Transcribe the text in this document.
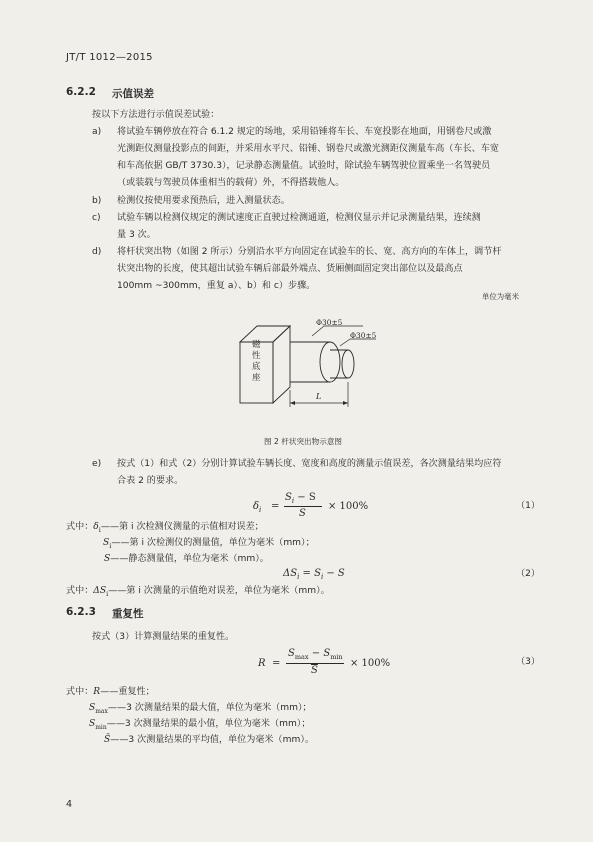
JT/T 1012—2015
6.2.2 示值误差
按以下方法进行示值误差试验：
a) 将试验车辆停放在符合 6.1.2 规定的场地，采用铅锤将车长、车宽投影在地面，用钢卷尺或激
光测距仪测量投影点的间距，并采用水平尺、铅锤、钢卷尺或激光测距仪测量车高（车长、车宽
和车高依据 GB/T 3730.3），记录静态测量值。试验时，除试验车辆驾驶位置乘坐一名驾驶员
（或装载与驾驶员体重相当的载荷）外，不得搭载他人。
b) 检测仪按使用要求预热后，进入测量状态。
c) 试验车辆以检测仪规定的测试速度正直驶过检测通道，检测仪显示并记录测量结果，连续测
量 3 次。
d) 将杆状突出物（如图 2 所示）分别沿水平方向固定在试验车的长、宽、高方向的车体上，调节杆
状突出物的长度，使其超出试验车辆后部最外端点、货厢侧面固定突出部位以及最高点
100mm ~300mm，重复 a）、b）和 c）步骤。
单位为毫米
Φ30±5
Φ30±5
磁性底座
L
图 2 杆状突出物示意图
e) 按式（1）和式（2）分别计算试验车辆长度、宽度和高度的测量示值误差，各次测量结果均应符
合表 2 的要求。
$\delta_i$ =
$S_i - S$
S
× 100%	（1）
式中：$\delta_i——$第 i 次检测仪测量的示值相对误差；
$S_i——$第 i 次检测仪的测量值，单位为毫米（mm）；
S——静态测量值，单位为毫米（mm）。
$\Delta S_i = S_i - S$	（2）
式中：$\Delta S_i——$第 i 次测量的示值绝对误差，单位为毫米（mm）。
6.2.3 重复性
按式（3）计算测量结果的重复性。
R =
$S_{max} - S_{min}$
$\overline{S}$
× 100%	（3）
式中：R——重复性；
$S_{max}——3$ 次测量结果的最大值，单位为毫米（mm）；
$S_{min}——3$ 次测量结果的最小值，单位为毫米（mm）；
S̄——3 次测量结果的平均值，单位为毫米（mm）。
4
